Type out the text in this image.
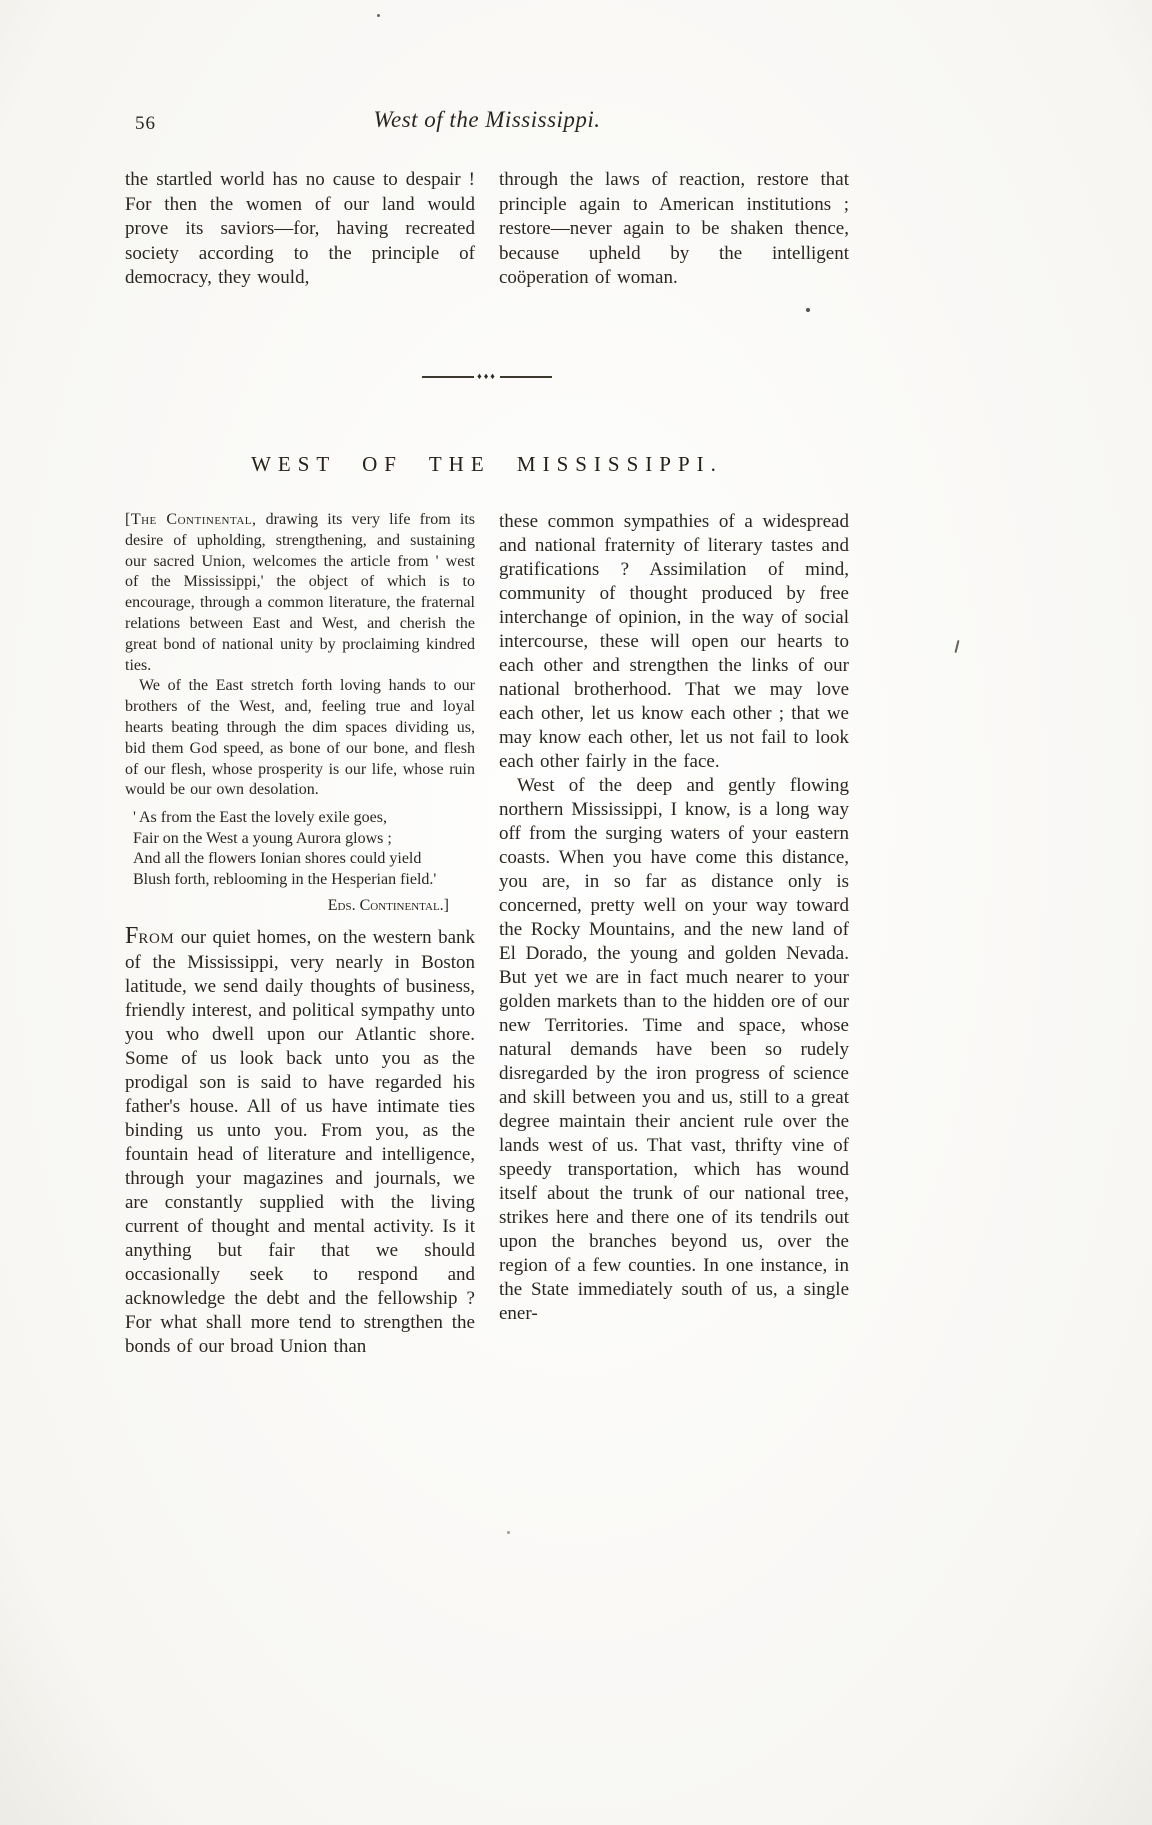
56	West of the Mississippi.

the startled world has no cause to despair ! For then the women of our land would prove its saviors—for, having recreated society according to the principle of democracy, they would,

through the laws of reaction, restore that principle again to American institutions ; restore—never again to be shaken thence, because upheld by the intelligent coöperation of woman.

♦♦♦
WEST OF THE MISSISSIPPI.

[The Continental, drawing its very life from its desire of upholding, strengthening, and sustaining our sacred Union, welcomes the article from ' west of the Mississippi,' the object of which is to encourage, through a common literature, the fraternal relations between East and West, and cherish the great bond of national unity by proclaiming kindred ties.

We of the East stretch forth loving hands to our brothers of the West, and, feeling true and loyal hearts beating through the dim spaces dividing us, bid them God speed, as bone of our bone, and flesh of our flesh, whose prosperity is our life, whose ruin would be our own desolation.

' As from the East the lovely exile goes,
Fair on the West a young Aurora glows ;
And all the flowers Ionian shores could yield
Blush forth, reblooming in the Hesperian field.'
Eds. Continental.]

FROM our quiet homes, on the western bank of the Mississippi, very nearly in Boston latitude, we send daily thoughts of business, friendly interest, and political sympathy unto you who dwell upon our Atlantic shore. Some of us look back unto you as the prodigal son is said to have regarded his father's house. All of us have intimate ties binding us unto you. From you, as the fountain head of literature and intelligence, through your magazines and journals, we are constantly supplied with the living current of thought and mental activity. Is it anything but fair that we should occasionally seek to respond and acknowledge the debt and the fellowship ? For what shall more tend to strengthen the bonds of our broad Union than

these common sympathies of a widespread and national fraternity of literary tastes and gratifications ? Assimilation of mind, community of thought produced by free interchange of opinion, in the way of social intercourse, these will open our hearts to each other and strengthen the links of our national brotherhood. That we may love each other, let us know each other ; that we may know each other, let us not fail to look each other fairly in the face.

West of the deep and gently flowing northern Mississippi, I know, is a long way off from the surging waters of your eastern coasts. When you have come this distance, you are, in so far as distance only is concerned, pretty well on your way toward the Rocky Mountains, and the new land of El Dorado, the young and golden Nevada. But yet we are in fact much nearer to your golden markets than to the hidden ore of our new Territories. Time and space, whose natural demands have been so rudely disregarded by the iron progress of science and skill between you and us, still to a great degree maintain their ancient rule over the lands west of us. That vast, thrifty vine of speedy transportation, which has wound itself about the trunk of our national tree, strikes here and there one of its tendrils out upon the branches beyond us, over the region of a few counties. In one instance, in the State immediately south of us, a single ener-
